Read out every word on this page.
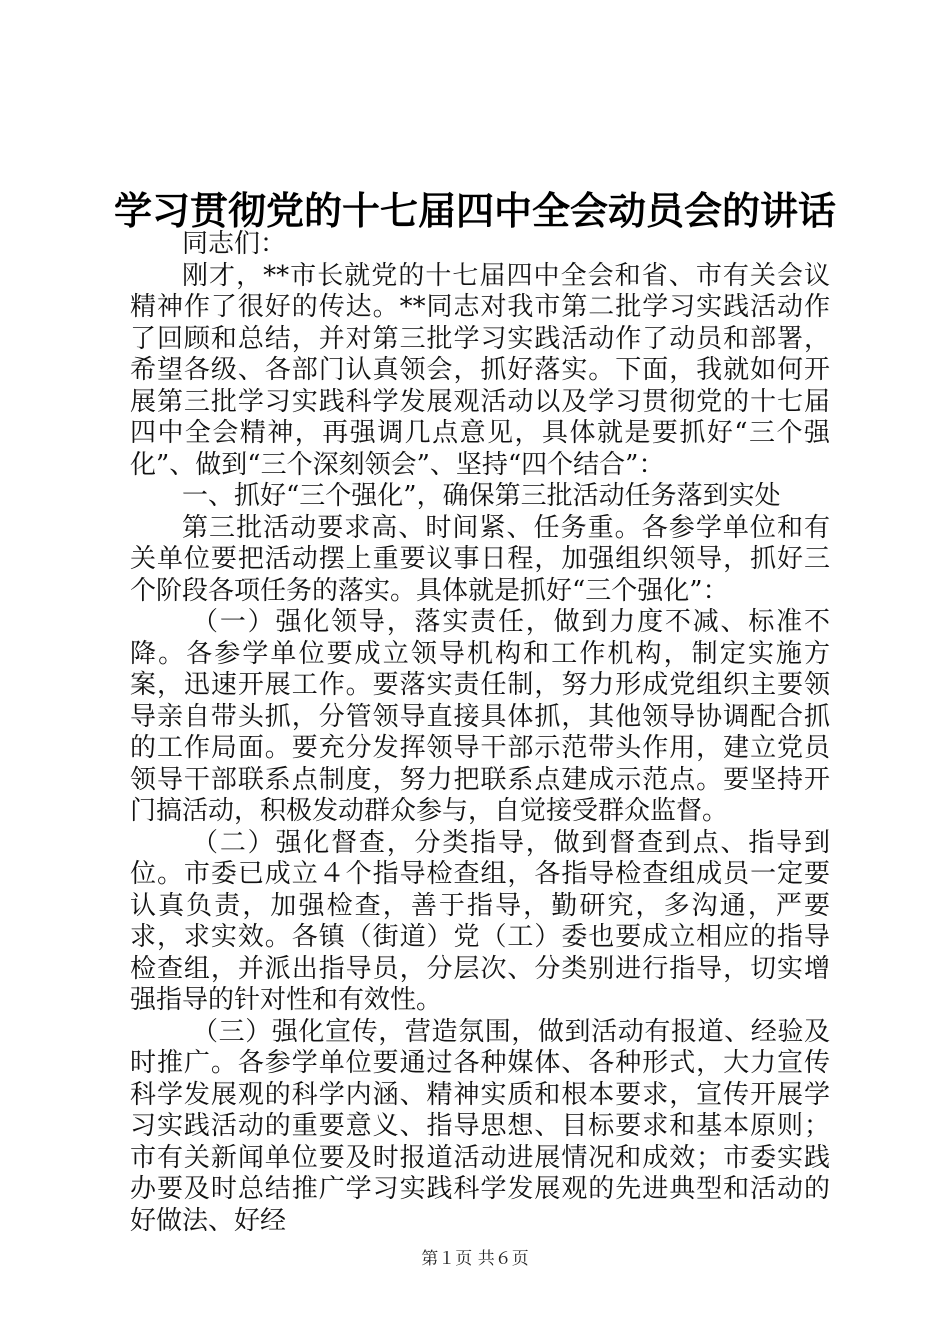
学习贯彻党的十七届四中全会动员会的讲话

同志们：

刚才，**市长就党的十七届四中全会和省、市有关会议精神作了很好的传达。**同志对我市第二批学习实践活动作了回顾和总结，并对第三批学习实践活动作了动员和部署，希望各级、各部门认真领会，抓好落实。下面，我就如何开展第三批学习实践科学发展观活动以及学习贯彻党的十七届四中全会精神，再强调几点意见，具体就是要抓好“三个强化”、做到“三个深刻领会”、坚持“四个结合”：

一、抓好“三个强化”，确保第三批活动任务落到实处

第三批活动要求高、时间紧、任务重。各参学单位和有关单位要把活动摆上重要议事日程，加强组织领导，抓好三个阶段各项任务的落实。具体就是抓好“三个强化”：

（一）强化领导，落实责任，做到力度不减、标准不降。各参学单位要成立领导机构和工作机构，制定实施方案，迅速开展工作。要落实责任制，努力形成党组织主要领导亲自带头抓，分管领导直接具体抓，其他领导协调配合抓的工作局面。要充分发挥领导干部示范带头作用，建立党员领导干部联系点制度，努力把联系点建成示范点。要坚持开门搞活动，积极发动群众参与，自觉接受群众监督。

（二）强化督查，分类指导，做到督查到点、指导到位。市委已成立４个指导检查组，各指导检查组成员一定要认真负责，加强检查，善于指导，勤研究，多沟通，严要求，求实效。各镇（街道）党（工）委也要成立相应的指导检查组，并派出指导员，分层次、分类别进行指导，切实增强指导的针对性和有效性。

（三）强化宣传，营造氛围，做到活动有报道、经验及时推广。各参学单位要通过各种媒体、各种形式，大力宣传科学发展观的科学内涵、精神实质和根本要求，宣传开展学习实践活动的重要意义、指导思想、目标要求和基本原则；市有关新闻单位要及时报道活动进展情况和成效；市委实践办要及时总结推广学习实践科学发展观的先进典型和活动的好做法、好经

第１页 共６页
